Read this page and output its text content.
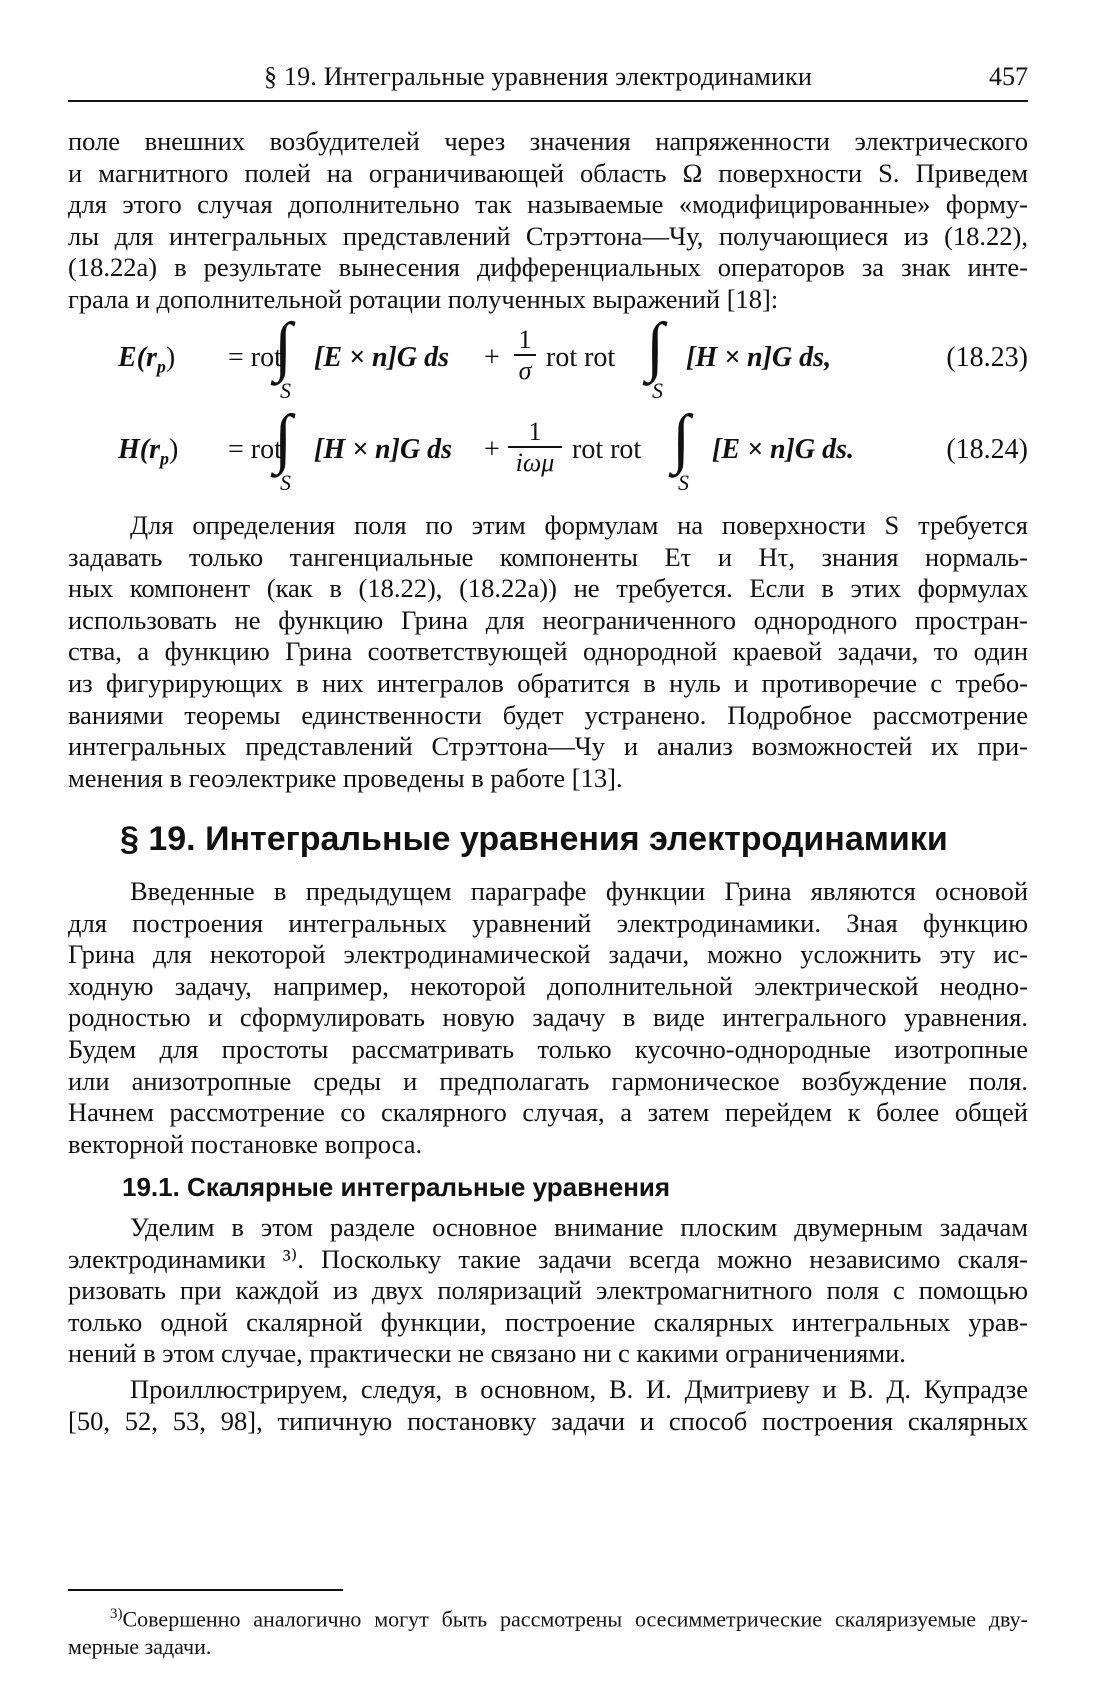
§ 19. Интегральные уравнения электродинамики	457
поле внешних возбудителей через значения напряженности электрического
и магнитного полей на ограничивающей область Ω поверхности S. Приведем
для этого случая дополнительно так называемые «модифицированные» форму-
лы для интегральных представлений Стрэттона—Чу, получающиеся из (18.22),
(18.22а) в результате вынесения дифференциальных операторов за знак инте-
грала и дополнительной ротации полученных выражений [18]:
$E(r_p)$ = rot
∫
S
[E × n]G ds +
1
σ rot rot ∫
S
[H × n]G ds,	(18.23)
$H(r_p)$ = rot
∫
S
[H × n]G ds +
1
iωμ rot rot ∫
S
[E × n]G ds.	(18.24)
Для определения поля по этим формулам на поверхности S требуется
задавать только тангенциальные компоненты Eτ и Hτ, знания нормаль-
ных компонент (как в (18.22), (18.22а)) не требуется. Если в этих формулах
использовать не функцию Грина для неограниченного однородного простран-
ства, а функцию Грина соответствующей однородной краевой задачи, то один
из фигурирующих в них интегралов обратится в нуль и противоречие с требо-
ваниями теоремы единственности будет устранено. Подробное рассмотрение
интегральных представлений Стрэттона—Чу и анализ возможностей их при-
менения в геоэлектрике проведены в работе [13].
§ 19. Интегральные уравнения электродинамики
Введенные в предыдущем параграфе функции Грина являются основой
для построения интегральных уравнений электродинамики. Зная функцию
Грина для некоторой электродинамической задачи, можно усложнить эту ис-
ходную задачу, например, некоторой дополнительной электрической неодно-
родностью и сформулировать новую задачу в виде интегрального уравнения.
Будем для простоты рассматривать только кусочно-однородные изотропные
или анизотропные среды и предполагать гармоническое возбуждение поля.
Начнем рассмотрение со скалярного случая, а затем перейдем к более общей
векторной постановке вопроса.
19.1. Скалярные интегральные уравнения
Уделим в этом разделе основное внимание плоским двумерным задачам
электродинамики ³⁾. Поскольку такие задачи всегда можно независимо скаля-
ризовать при каждой из двух поляризаций электромагнитного поля с помощью
только одной скалярной функции, построение скалярных интегральных урав-
нений в этом случае, практически не связано ни с какими ограничениями.
Проиллюстрируем, следуя, в основном, В. И. Дмитриеву и В. Д. Купрадзе
[50, 52, 53, 98], типичную постановку задачи и способ построения скалярных
$^{3)}$Совершенно аналогично могут быть рассмотрены осесимметрические скаляризуемые дву-
мерные задачи.
